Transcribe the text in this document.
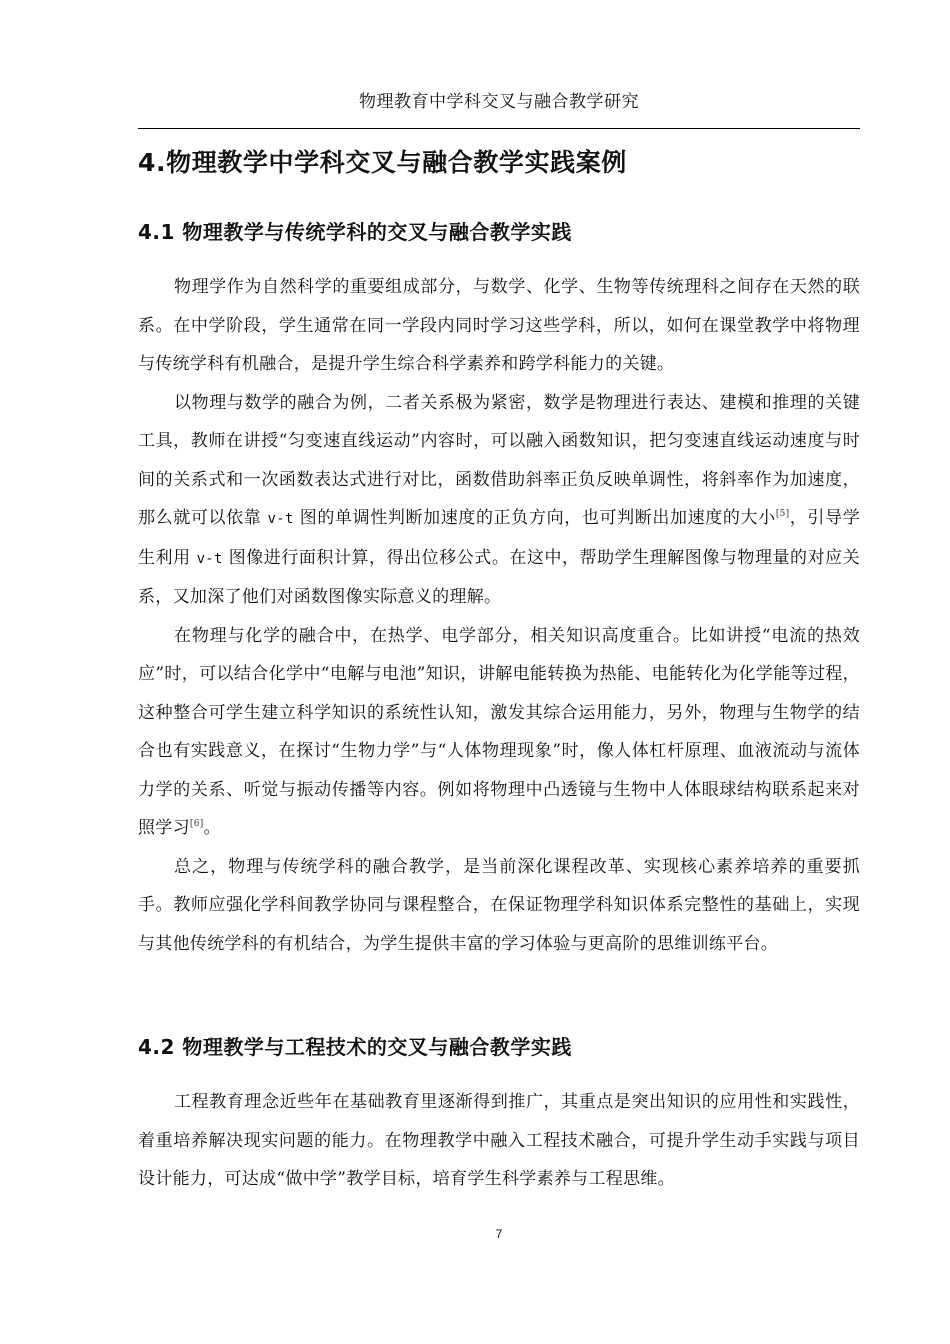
物理教育中学科交叉与融合教学研究
4.物理教学中学科交叉与融合教学实践案例
4.1 物理教学与传统学科的交叉与融合教学实践

物理学作为自然科学的重要组成部分，与数学、化学、生物等传统理科之间存在天然的联系。在中学阶段，学生通常在同一学段内同时学习这些学科，所以，如何在课堂教学中将物理与传统学科有机融合，是提升学生综合科学素养和跨学科能力的关键。

以物理与数学的融合为例，二者关系极为紧密，数学是物理进行表达、建模和推理的关键工具，教师在讲授“匀变速直线运动”内容时，可以融入函数知识，把匀变速直线运动速度与时间的关系式和一次函数表达式进行对比，函数借助斜率正负反映单调性，将斜率作为加速度，那么就可以依靠 v-t 图的单调性判断加速度的正负方向，也可判断出加速度的大小[5]，引导学生利用 v-t 图像进行面积计算，得出位移公式。在这中，帮助学生理解图像与物理量的对应关系，又加深了他们对函数图像实际意义的理解。

在物理与化学的融合中，在热学、电学部分，相关知识高度重合。比如讲授“电流的热效应”时，可以结合化学中“电解与电池”知识，讲解电能转换为热能、电能转化为化学能等过程，这种整合可学生建立科学知识的系统性认知，激发其综合运用能力，另外，物理与生物学的结合也有实践意义，在探讨“生物力学”与“人体物理现象”时，像人体杠杆原理、血液流动与流体力学的关系、听觉与振动传播等内容。例如将物理中凸透镜与生物中人体眼球结构联系起来对照学习[6]。

总之，物理与传统学科的融合教学，是当前深化课程改革、实现核心素养培养的重要抓手。教师应强化学科间教学协同与课程整合，在保证物理学科知识体系完整性的基础上，实现与其他传统学科的有机结合，为学生提供丰富的学习体验与更高阶的思维训练平台。

4.2 物理教学与工程技术的交叉与融合教学实践

工程教育理念近些年在基础教育里逐渐得到推广，其重点是突出知识的应用性和实践性，着重培养解决现实问题的能力。在物理教学中融入工程技术融合，可提升学生动手实践与项目设计能力，可达成“做中学”教学目标，培育学生科学素养与工程思维。

7
